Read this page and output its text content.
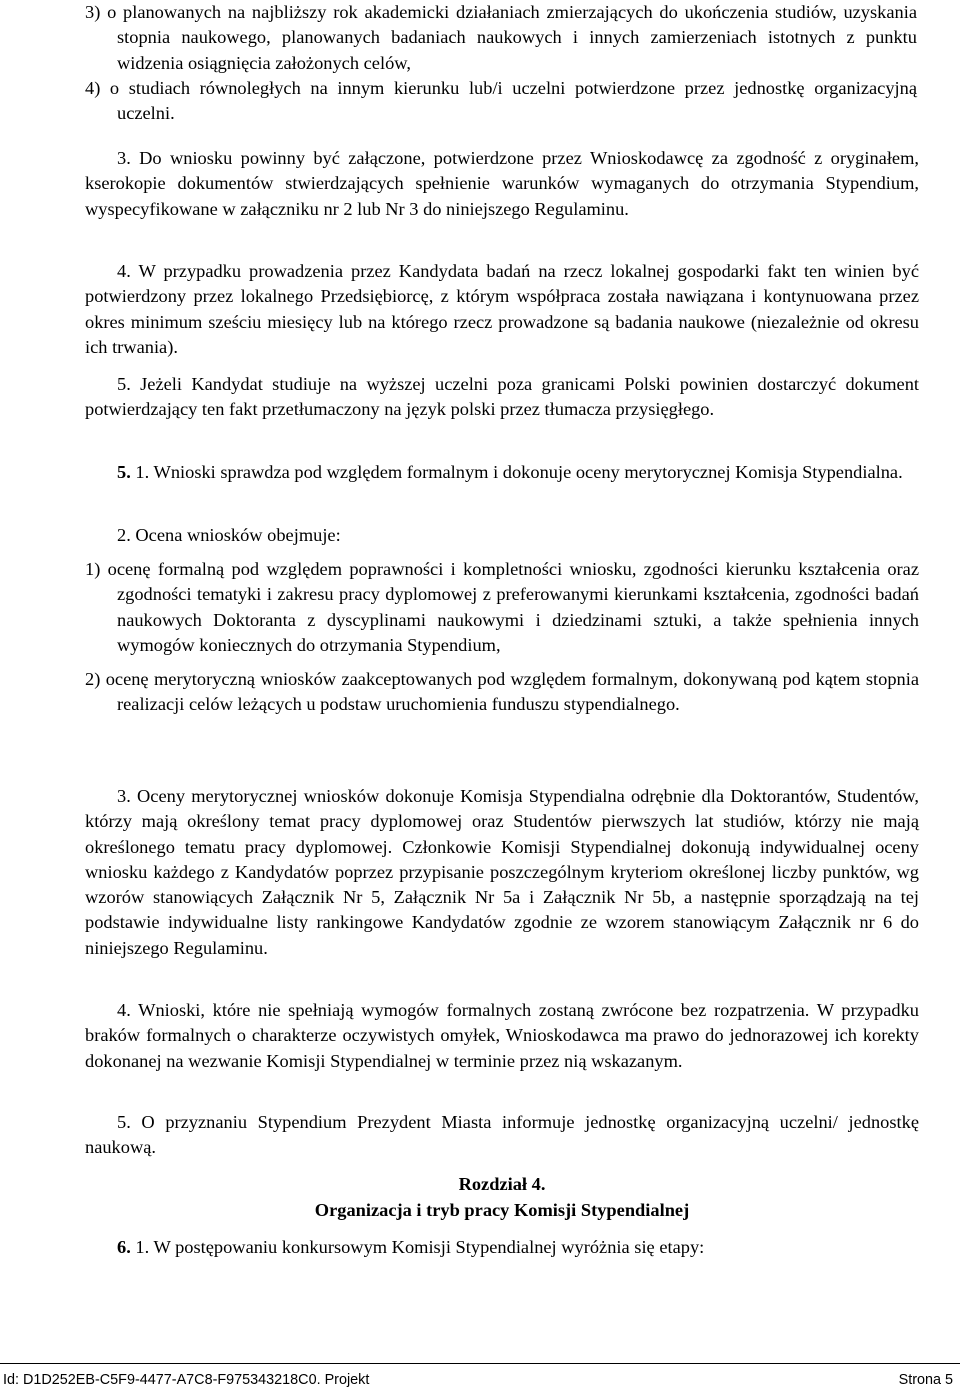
3) o planowanych na najbliższy rok akademicki działaniach zmierzających do ukończenia studiów, uzyskania stopnia naukowego, planowanych badaniach naukowych i innych zamierzeniach istotnych z punktu widzenia osiągnięcia założonych celów,

4) o studiach równoległych na innym kierunku lub/i uczelni potwierdzone przez jednostkę organizacyjną uczelni.

3. Do wniosku powinny być załączone, potwierdzone przez Wnioskodawcę za zgodność z oryginałem, kserokopie dokumentów stwierdzających spełnienie warunków wymaganych do otrzymania Stypendium, wyspecyfikowane w załączniku nr 2 lub Nr 3 do niniejszego Regulaminu.

4. W przypadku prowadzenia przez Kandydata badań na rzecz lokalnej gospodarki fakt ten winien być potwierdzony przez lokalnego Przedsiębiorcę, z którym współpraca została nawiązana i kontynuowana przez okres minimum sześciu miesięcy lub na którego rzecz prowadzone są badania naukowe (niezależnie od okresu ich trwania).

5. Jeżeli Kandydat studiuje na wyższej uczelni poza granicami Polski powinien dostarczyć dokument potwierdzający ten fakt przetłumaczony na język polski przez tłumacza przysięgłego.

5. 1. Wnioski sprawdza pod względem formalnym i dokonuje oceny merytorycznej Komisja Stypendialna.

2. Ocena wniosków obejmuje:

1) ocenę formalną pod względem poprawności i kompletności wniosku, zgodności kierunku kształcenia oraz zgodności tematyki i zakresu pracy dyplomowej z preferowanymi kierunkami kształcenia, zgodności badań naukowych Doktoranta z dyscyplinami naukowymi i dziedzinami sztuki, a także spełnienia innych wymogów koniecznych do otrzymania Stypendium,

2) ocenę merytoryczną wniosków zaakceptowanych pod względem formalnym, dokonywaną pod kątem stopnia realizacji celów leżących u podstaw uruchomienia funduszu stypendialnego.

3. Oceny merytorycznej wniosków dokonuje Komisja Stypendialna odrębnie dla Doktorantów, Studentów, którzy mają określony temat pracy dyplomowej oraz Studentów pierwszych lat studiów, którzy nie mają określonego tematu pracy dyplomowej. Członkowie Komisji Stypendialnej dokonują indywidualnej oceny wniosku każdego z Kandydatów poprzez przypisanie poszczególnym kryteriom określonej liczby punktów, wg wzorów stanowiących Załącznik Nr 5, Załącznik Nr 5a i Załącznik Nr 5b, a następnie sporządzają na tej podstawie indywidualne listy rankingowe Kandydatów zgodnie ze wzorem stanowiącym Załącznik nr 6 do niniejszego Regulaminu.

4. Wnioski, które nie spełniają wymogów formalnych zostaną zwrócone bez rozpatrzenia. W przypadku braków formalnych o charakterze oczywistych omyłek, Wnioskodawca ma prawo do jednorazowej ich korekty dokonanej na wezwanie Komisji Stypendialnej w terminie przez nią wskazanym.

5. O przyznaniu Stypendium Prezydent Miasta informuje jednostkę organizacyjną uczelni/ jednostkę naukową.

Rozdział 4.
Organizacja i tryb pracy Komisji Stypendialnej
6. 1. W postępowaniu konkursowym Komisji Stypendialnej wyróżnia się etapy:
Id: D1D252EB-C5F9-4477-A7C8-F975343218C0. Projekt	Strona 5
